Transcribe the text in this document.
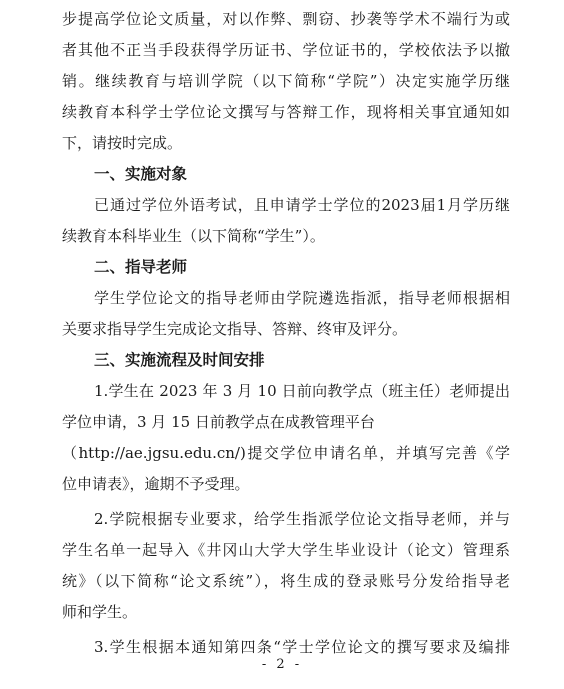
步提高学位论文质量，对以作弊、剽窃、抄袭等学术不端行为或
者其他不正当手段获得学历证书、学位证书的，学校依法予以撤
销。继续教育与培训学院（以下简称“学院”）决定实施学历继
续教育本科学士学位论文撰写与答辩工作，现将相关事宜通知如
下，请按时完成。
一、实施对象
已通过学位外语考试，且申请学士学位的2023届1月学历继
续教育本科毕业生（以下简称“学生”）。
二、指导老师
学生学位论文的指导老师由学院遴选指派，指导老师根据相
关要求指导学生完成论文指导、答辩、终审及评分。
三、实施流程及时间安排
1.学生在 2023 年 3 月 10 日前向教学点（班主任）老师提出
学位申请，3 月 15 日前教学点在成教管理平台
（http://ae.jgsu.edu.cn/)提交学位申请名单，并填写完善《学
位申请表》，逾期不予受理。
2.学院根据专业要求，给学生指派学位论文指导老师，并与
学生名单一起导入《井冈山大学大学生毕业设计（论文）管理系
统》（以下简称“论文系统”），将生成的登录账号分发给指导老
师和学生。
3.学生根据本通知第四条“学士学位论文的撰写要求及编排
- 2 -
